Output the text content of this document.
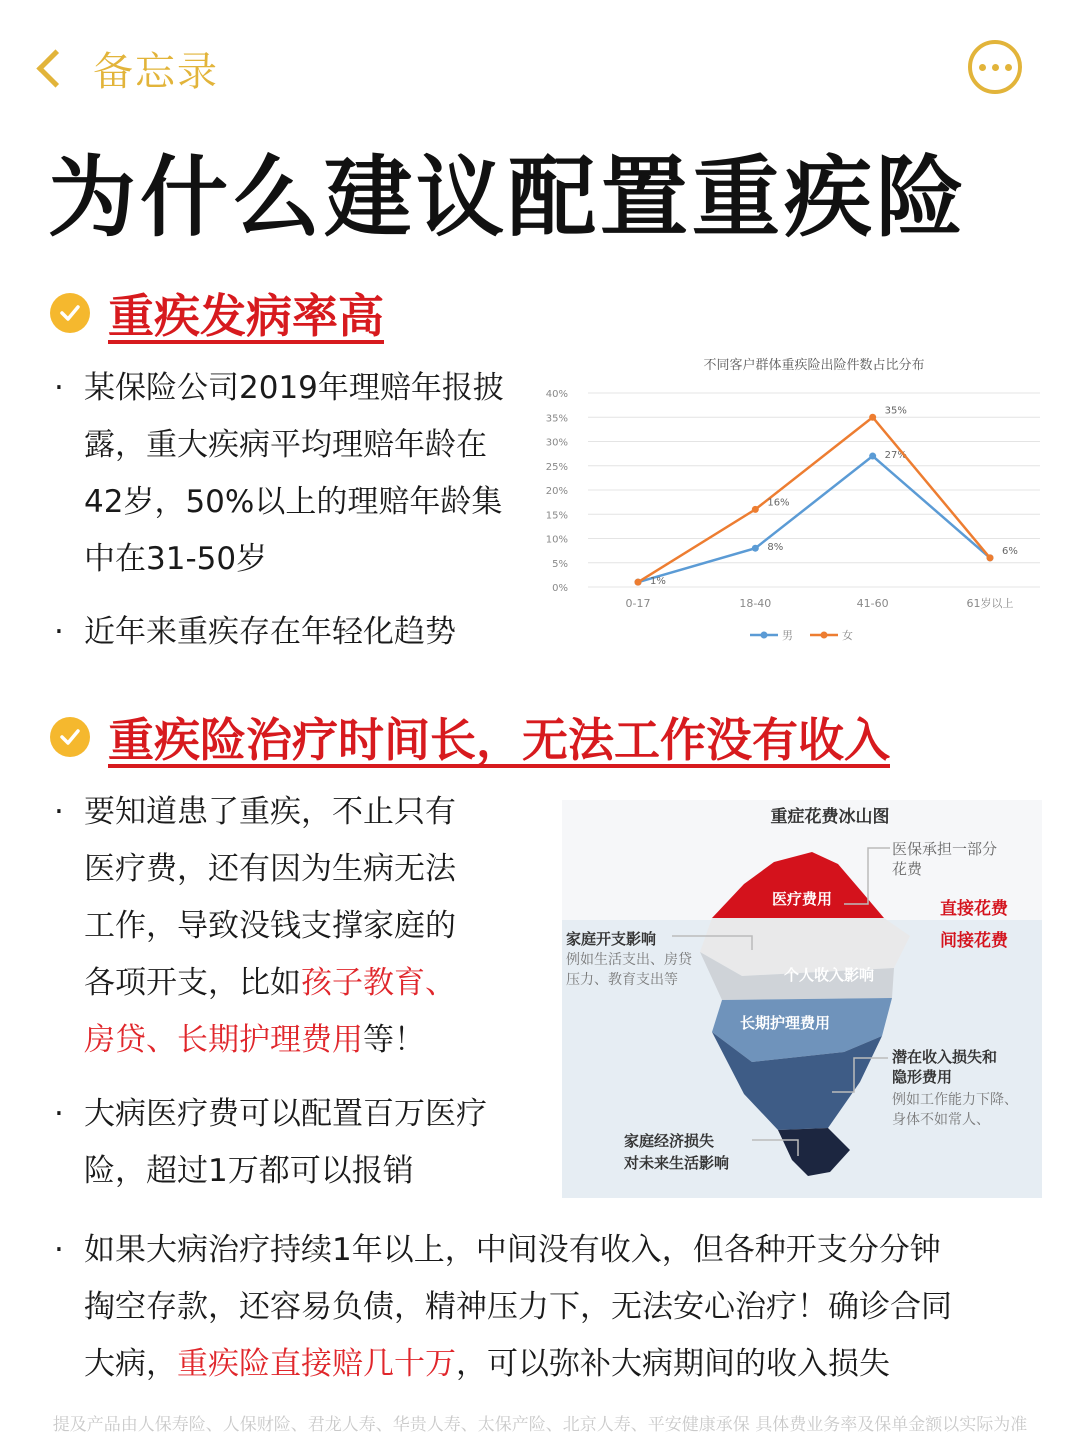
备忘录
为什么建议配置重疾险
重疾发病率高
· 某保险公司2019年理赔年报披
露，重大疾病平均理赔年龄在
42岁，50%以上的理赔年龄集
中在31-50岁
· 近年来重疾存在年轻化趋势
不同客户群体重疾险出险件数占比分布
0%
5%
10%
15%
20%
25%
30%
35%
40%
0-17	18-40	41-60	61岁以上
1%
8%
27%
16%
35%
6%
男	女
重疾险治疗时间长，无法工作没有收入
· 要知道患了重疾，不止只有
医疗费，还有因为生病无法
工作，导致没钱支撑家庭的
各项开支，比如孩子教育、
房贷、长期护理费用等！
· 大病医疗费可以配置百万医疗
险，超过1万都可以报销
重症花费冰山图
医疗费用
个人收入影响
长期护理费用
医保承担一部分
花费
直接花费
间接花费
家庭开支影响
例如生活支出、房贷
压力、教育支出等
潜在收入损失和
隐形费用
例如工作能力下降、
身体不如常人、
家庭经济损失
对未来生活影响
· 如果大病治疗持续1年以上，中间没有收入，但各种开支分分钟
掏空存款，还容易负债，精神压力下，无法安心治疗！确诊合同
大病，重疾险直接赔几十万，可以弥补大病期间的收入损失
提及产品由人保寿险、人保财险、君龙人寿、华贵人寿、太保产险、北京人寿、平安健康承保 具体费业务率及保单金额以实际为准
